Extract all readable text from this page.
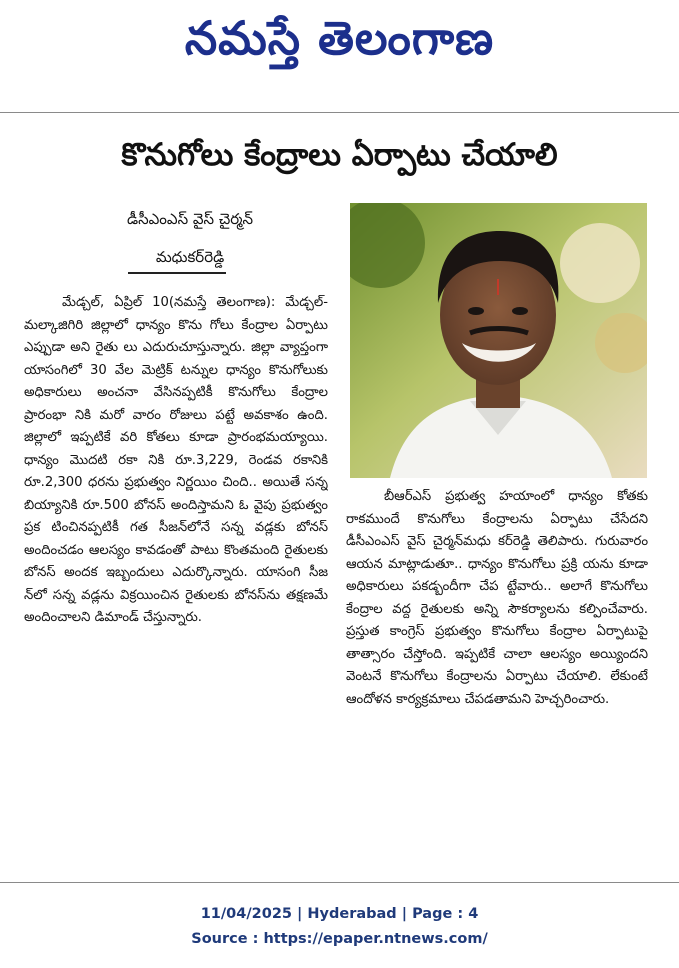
నమస్తే తెలంగాణ
కొనుగోలు కేంద్రాలు ఏర్పాటు చేయాలి
డీసీఎంఎస్ వైస్ చైర్మన్
మధుకర్‌రెడ్డి

మేడ్చల్, ఏప్రిల్ 10(నమస్తే తెలంగాణ): మేడ్చల్-మల్కాజిగిరి జిల్లాలో ధాన్యం కొను గోలు కేంద్రాల ఏర్పాటు ఎప్పుడా అని రైతు లు ఎదురుచూస్తున్నారు. జిల్లా వ్యాప్తంగా యాసంగిలో 30 వేల మెట్రిక్ టన్నుల ధాన్యం కొనుగోలుకు అధికారులు అంచనా వేసినప్పటికీ కొనుగోలు కేంద్రాల ప్రారంభా నికి మరో వారం రోజులు పట్టే అవకాశం ఉంది. జిల్లాలో ఇప్పటికే వరి కోతలు కూడా ప్రారంభమయ్యాయి. ధాన్యం మొదటి రకా నికి రూ.3,229, రెండవ రకానికి రూ.2,300 ధరను ప్రభుత్వం నిర్ణయిం చింది.. అయితే సన్న బియ్యానికి రూ.500 బోనస్ అందిస్తామని ఓ వైపు ప్రభుత్వం ప్రక టించినప్పటికీ గత సీజన్‌లోనే సన్న వడ్లకు బోనస్ అందించడం ఆలస్యం కావడంతో పాటు కొంతమంది రైతులకు బోనస్ అందక ఇబ్బందులు ఎదుర్కొన్నారు. యాసంగి సీజ న్‌లో సన్న వడ్లను విక్రయించిన రైతులకు బోనస్‌ను తక్షణమే అందించాలని డిమాండ్ చేస్తున్నారు.

బీఆర్ఎస్ ప్రభుత్వ హయాంలో ధాన్యం కోతకు రాకముందే కొనుగోలు కేంద్రాలను ఏర్పాటు చేసేదని డీసీఎంఎస్ వైస్ చైర్మన్‌మధు కర్‌రెడ్డి తెలిపారు. గురువారం ఆయన మాట్లాడుతూ.. ధాన్యం కొనుగోలు ప్రక్రి యను కూడా అధికారులు పకడ్బందీగా చేప ట్టేవారు.. అలాగే కొనుగోలు కేంద్రాల వద్ద రైతులకు అన్ని సౌకర్యాలను కల్పించేవారు. ప్రస్తుత కాంగ్రెస్ ప్రభుత్వం కొనుగోలు కేంద్రాల ఏర్పాటుపై తాత్సారం చేస్తోంది. ఇప్పటికే చాలా ఆలస్యం అయ్యిందని వెంటనే కొనుగోలు కేంద్రాలను ఏర్పాటు చేయాలి. లేకుంటే ఆందోళన కార్యక్రమాలు చేపడతామని హెచ్చరించారు.

11/04/2025 | Hyderabad | Page : 4
Source : https://epaper.ntnews.com/
